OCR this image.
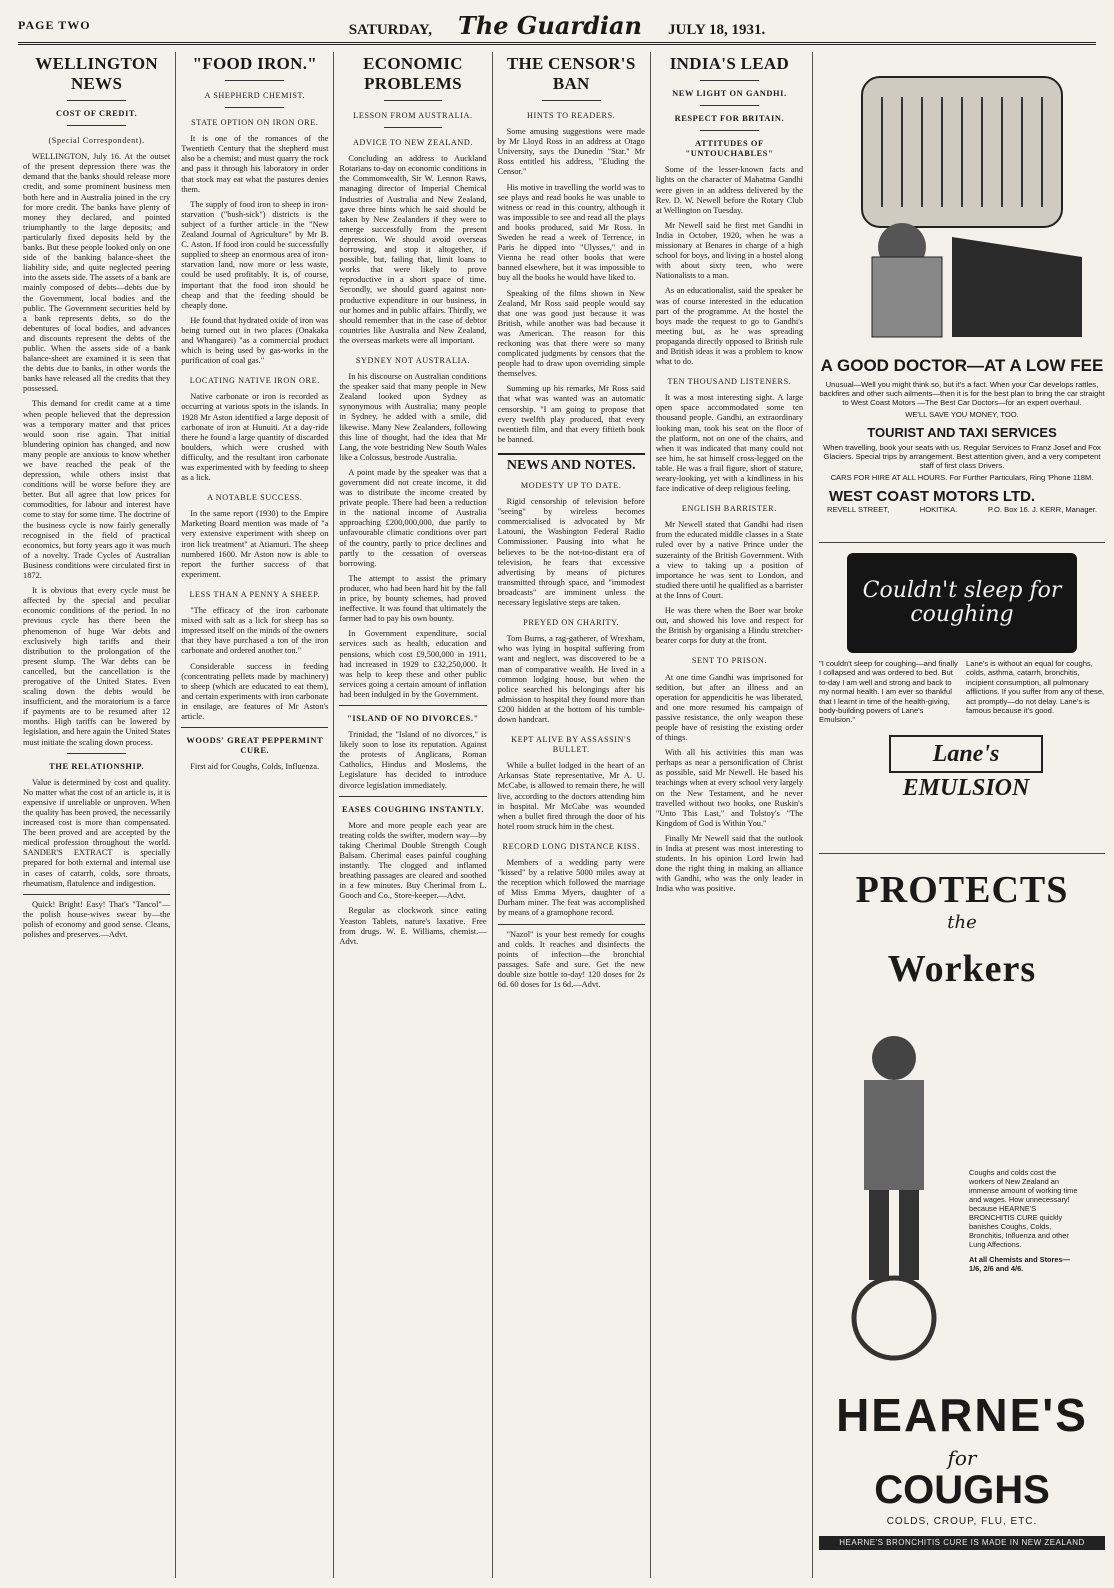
PAGE TWO	SATURDAY, The Guardian JULY 18, 1931.
WELLINGTON NEWS
COST OF CREDIT.
(Special Correspondent).

WELLINGTON, July 16. At the outset of the present depression there was the demand that the banks should release more credit, and some prominent business men both here and in Australia joined in the cry for more credit. The banks have plenty of money they declared, and pointed triumphantly to the large deposits; and particularly fixed deposits held by the banks. But these people looked only on one side of the banking balance-sheet the liability side, and quite neglected peering into the assets side. The assets of a bank are mainly composed of debts—debts due by the Government, local bodies and the public. The Government securities held by a bank represents debts, so do the debentures of local bodies, and advances and discounts represent the debts of the public. When the assets side of a bank balance-sheet are examined it is seen that the debts due to banks, in other words the banks have released all the credits that they possessed.

This demand for credit came at a time when people believed that the depression was a temporary matter and that prices would soon rise again. That initial blundering opinion has changed, and now many people are anxious to know whether we have reached the peak of the depression, while others insist that conditions will be worse before they are better. But all agree that low prices for commodities, for labour and interest have come to stay for some time. The doctrine of the business cycle is now fairly generally recognised in the field of practical economics, but forty years ago it was much of a novelty. Trade Cycles of Australian Business conditions were circulated first in 1872.

It is obvious that every cycle must be affected by the special and peculiar economic conditions of the period. In no previous cycle has there been the phenomenon of huge War debts and exclusively high tariffs and their distribution to the prolongation of the present slump. The War debts can be cancelled, but the cancellation is the prerogative of the United States. Even scaling down the debts would be insufficient, and the moratorium is a farce if payments are to be resumed after 12 months. High tariffs can be lowered by legislation, and here again the United States must initiate the scaling down process.

THE RELATIONSHIP.

Value is determined by cost and quality. No matter what the cost of an article is, it is expensive if unreliable or unproven. When the quality has been proved, the necessarily increased cost is more than compensated. The been proved and are accepted by the medical profession throughout the world. SANDER'S EXTRACT is specially prepared for both external and internal use in cases of catarrh, colds, sore throats, rheumatism, flatulence and indigestion.

Quick! Bright! Easy! That's "Tancol"—the polish house-wives swear by—the polish of economy and good sense. Cleans, polishes and preserves.—Advt.

"FOOD IRON."
A SHEPHERD CHEMIST.
STATE OPTION ON IRON ORE.

It is one of the romances of the Twentieth Century that the shepherd must also be a chemist; and must quarry the rock and pass it through his laboratory in order that stock may eat what the pastures denies them.

The supply of food iron to sheep in iron-starvation ("bush-sick") districts is the subject of a further article in the "New Zealand Journal of Agriculture" by Mr B. C. Aston. If food iron could be successfully supplied to sheep an enormous area of iron-starvation land, now more or less waste, could be used profitably. It is, of course, important that the food iron should be cheap and that the feeding should be cheaply done.

He found that hydrated oxide of iron was being turned out in two places (Onakaka and Whangarei) "as a commercial product which is being used by gas-works in the purification of coal gas."

LOCATING NATIVE IRON ORE.

Native carbonate or iron is recorded as occurring at various spots in the islands. In 1928 Mr Aston identified a large deposit of carbonate of iron at Hunuiti. At a day-ride there he found a large quantity of discarded boulders, which were crushed with difficulty, and the resultant iron carbonate was experimented with by feeding to sheep as a lick.

A NOTABLE SUCCESS.

In the same report (1930) to the Empire Marketing Board mention was made of "a very extensive experiment with sheep on iron lick treatment" at Atiamuri. The sheep numbered 1600. Mr Aston now is able to report the further success of that experiment.

LESS THAN A PENNY A SHEEP.

"The efficacy of the iron carbonate mixed with salt as a lick for sheep has so impressed itself on the minds of the owners that they have purchased a ton of the iron carbonate and ordered another ton."

Considerable success in feeding (concentrating pellets made by machinery) to sheep (which are educated to eat them), and certain experiments with iron carbonate in ensilage, are features of Mr Aston's article.

WOODS' GREAT PEPPERMINT CURE.

First aid for Coughs, Colds, Influenza.

ECONOMIC PROBLEMS
LESSON FROM AUSTRALIA.
ADVICE TO NEW ZEALAND.

Concluding an address to Auckland Rotarians to-day on economic conditions in the Commonwealth, Sir W. Lennon Raws, managing director of Imperial Chemical Industries of Australia and New Zealand, gave three hints which he said should be taken by New Zealanders if they were to emerge successfully from the present depression. We should avoid overseas borrowing, and stop it altogether, if possible, but, failing that, limit loans to works that were likely to prove reproductive in a short space of time. Secondly, we should guard against non-productive expenditure in our business, in our homes and in public affairs. Thirdly, we should remember that in the case of debtor countries like Australia and New Zealand, the overseas markets were all important.

SYDNEY NOT AUSTRALIA.

In his discourse on Australian conditions the speaker said that many people in New Zealand looked upon Sydney as synonymous with Australia; many people in Sydney, he added with a smile, did likewise. Many New Zealanders, following this line of thought, had the idea that Mr Lang, the vote bestriding New South Wales like a Colossus, bestrode Australia.

A point made by the speaker was that a government did not create income, it did was to distribute the income created by private people. There had been a reduction in the national income of Australia approaching £200,000,000, due partly to unfavourable climatic conditions over part of the country, partly to price declines and partly to the cessation of overseas borrowing.

The attempt to assist the primary producer, who had been hard hit by the fall in price, by bounty schemes, had proved ineffective. It was found that ultimately the farmer had to pay his own bounty.

In Government expenditure, social services such as health, education and pensions, which cost £9,500,000 in 1911, had increased in 1929 to £32,250,000. It was help to keep these and other public services going a certain amount of inflation had been indulged in by the Government.

"ISLAND OF NO DIVORCES."

Trinidad, the "Island of no divorces," is likely soon to lose its reputation. Against the protests of Anglicans, Roman Catholics, Hindus and Moslems, the Legislature has decided to introduce divorce legislation immediately.

EASES COUGHING INSTANTLY.

More and more people each year are treating colds the swifter, modern way—by taking Cherimal Double Strength Cough Balsam. Cherimal eases painful coughing instantly. The clogged and inflamed breathing passages are cleared and soothed in a few minutes. Buy Cherimal from L. Gooch and Co., Store-keeper.—Advt.

Regular as clockwork since eating Yeaston Tablets, nature's laxative. Free from drugs. W. E. Williams, chemist.—Advt.

THE CENSOR'S BAN
HINTS TO READERS.

Some amusing suggestions were made by Mr Lloyd Ross in an address at Otago University, says the Dunedin "Star." Mr Ross entitled his address, "Eluding the Censor."

His motive in travelling the world was to see plays and read books he was unable to witness or read in this country, although it was impossible to see and read all the plays and books produced, said Mr Ross. In Sweden he read a week of Terrence, in Paris he dipped into "Ulysses," and in Vienna he read other books that were banned elsewhere, but it was impossible to buy all the books he would have liked to.

Speaking of the films shown in New Zealand, Mr Ross said people would say that one was good just because it was British, while another was bad because it was American. The reason for this reckoning was that there were so many complicated judgments by censors that the people had to draw upon overriding simple themselves.

Summing up his remarks, Mr Ross said that what was wanted was an automatic censorship. "I am going to propose that every twelfth play produced, that every twentieth film, and that every fiftieth book be banned.

NEWS AND NOTES.
MODESTY UP TO DATE.

Rigid censorship of television before "seeing" by wireless becomes commercialised is advocated by Mr Latouni, the Washington Federal Radio Commissioner. Pausing into what he believes to be the not-too-distant era of television, he fears that excessive advertising by means of pictures transmitted through space, and "immodest broadcasts" are imminent unless the necessary legislative steps are taken.

PREYED ON CHARITY.

Tom Burns, a rag-gatherer, of Wrexham, who was lying in hospital suffering from want and neglect, was discovered to be a man of comparative wealth. He lived in a common lodging house, but when the police searched his belongings after his admission to hospital they found more than £200 hidden at the bottom of his tumble-down handcart.

KEPT ALIVE BY ASSASSIN'S BULLET.

While a bullet lodged in the heart of an Arkansas State representative, Mr A. U. McCabe, is allowed to remain there, he will live, according to the doctors attending him in hospital. Mr McCabe was wounded when a bullet fired through the door of his hotel room struck him in the chest.

RECORD LONG DISTANCE KISS.

Members of a wedding party were "kissed" by a relative 5000 miles away at the reception which followed the marriage of Miss Emma Myers, daughter of a Durham miner. The feat was accomplished by means of a gramophone record.

"Nazol" is your best remedy for coughs and colds. It reaches and disinfects the points of infection—the bronchial passages. Safe and sure. Get the new double size bottle to-day! 120 doses for 2s 6d. 60 doses for 1s 6d.—Advt.

INDIA'S LEAD
NEW LIGHT ON GANDHI.
RESPECT FOR BRITAIN.
ATTITUDES OF "UNTOUCHABLES"

Some of the lesser-known facts and lights on the character of Mahatma Gandhi were given in an address delivered by the Rev. D. W. Newell before the Rotary Club at Wellington on Tuesday.

Mr Newell said he first met Gandhi in India in October, 1920, when he was a missionary at Benares in charge of a high school for boys, and living in a hostel along with about sixty teen, who were Nationalists to a man.

As an educationalist, said the speaker he was of course interested in the education part of the programme. At the hostel the boys made the request to go to Gandhi's meeting but, as he was spreading propaganda directly opposed to British rule and British ideas it was a problem to know what to do.

TEN THOUSAND LISTENERS.

It was a most interesting sight. A large open space accommodated some ten thousand people. Gandhi, an extraordinary looking man, took his seat on the floor of the platform, not on one of the chairs, and when it was indicated that many could not see him, he sat himself cross-legged on the table. He was a frail figure, short of stature, weary-looking, yet with a kindliness in his face indicative of deep religious feeling.

ENGLISH BARRISTER.

Mr Newell stated that Gandhi had risen from the educated middle classes in a State ruled over by a native Prince under the suzerainty of the British Government. With a view to taking up a position of importance he was sent to London, and studied there until he qualified as a barrister at the Inns of Court.

He was there when the Boer war broke out, and showed his love and respect for the British by organising a Hindu stretcher-bearer corps for duty at the front.

SENT TO PRISON.

At one time Gandhi was imprisoned for sedition, but after an illness and an operation for appendicitis he was liberated, and one more resumed his campaign of passive resistance, the only weapon these people have of resisting the existing order of things.

With all his activities this man was perhaps as near a personification of Christ as possible, said Mr Newell. He based his teachings when at every school very largely on the New Testament, and he never travelled without two books, one Ruskin's "Unto This Last," and Tolstoy's "The Kingdom of God is Within You."

Finally Mr Newell said that the outlook in India at present was most interesting to students. In his opinion Lord Irwin had done the right thing in making an alliance with Gandhi, who was the only leader in India who was positive.

A GOOD DOCTOR—AT A LOW FEE

Unusual—Well you might think so, but it's a fact. When your Car develops rattles, backfires and other such ailments—then it is for the best plan to bring the car straight to West Coast Motors —The Best Car Doctors—for an expert overhaul.

WE'LL SAVE YOU MONEY, TOO.

TOURIST AND TAXI SERVICES

When travelling, book your seats with us. Regular Services to Franz Josef and Fox Glaciers. Special trips by arrangement. Best attention given, and a very competent staff of first class Drivers.

CARS FOR HIRE AT ALL HOURS. For Further Particulars, Ring 'Phone 118M.

WEST COAST MOTORS LTD.
REVELL STREET,	HOKITIKA.	P.O. Box 16. J. KERR, Manager.
Couldn't sleep for coughing
"I couldn't sleep for coughing—and finally I collapsed and was ordered to bed. But to-day I am well and strong and back to my normal health. I am ever so thankful that I learnt in time of the health-giving, body-building powers of Lane's Emulsion."
Lane's is without an equal for coughs, colds, asthma, catarrh, bronchitis, incipient consumption, all pulmonary afflictions. If you suffer from any of these, act promptly—do not delay. Lane's is famous because it's good.
Lane's EMULSION
PROTECTS
the
Workers
Coughs and colds cost the workers of New Zealand an immense amount of working time and wages. How unnecessary! because HEARNE'S BRONCHITIS CURE quickly banishes Coughs, Colds, Bronchitis, Influenza and other Lung Affections.
At all Chemists and Stores—1/6, 2/6 and 4/6.
HEARNE'S
for
COUGHS
COLDS, CROUP, FLU, ETC.
HEARNE'S BRONCHITIS CURE IS MADE IN NEW ZEALAND
